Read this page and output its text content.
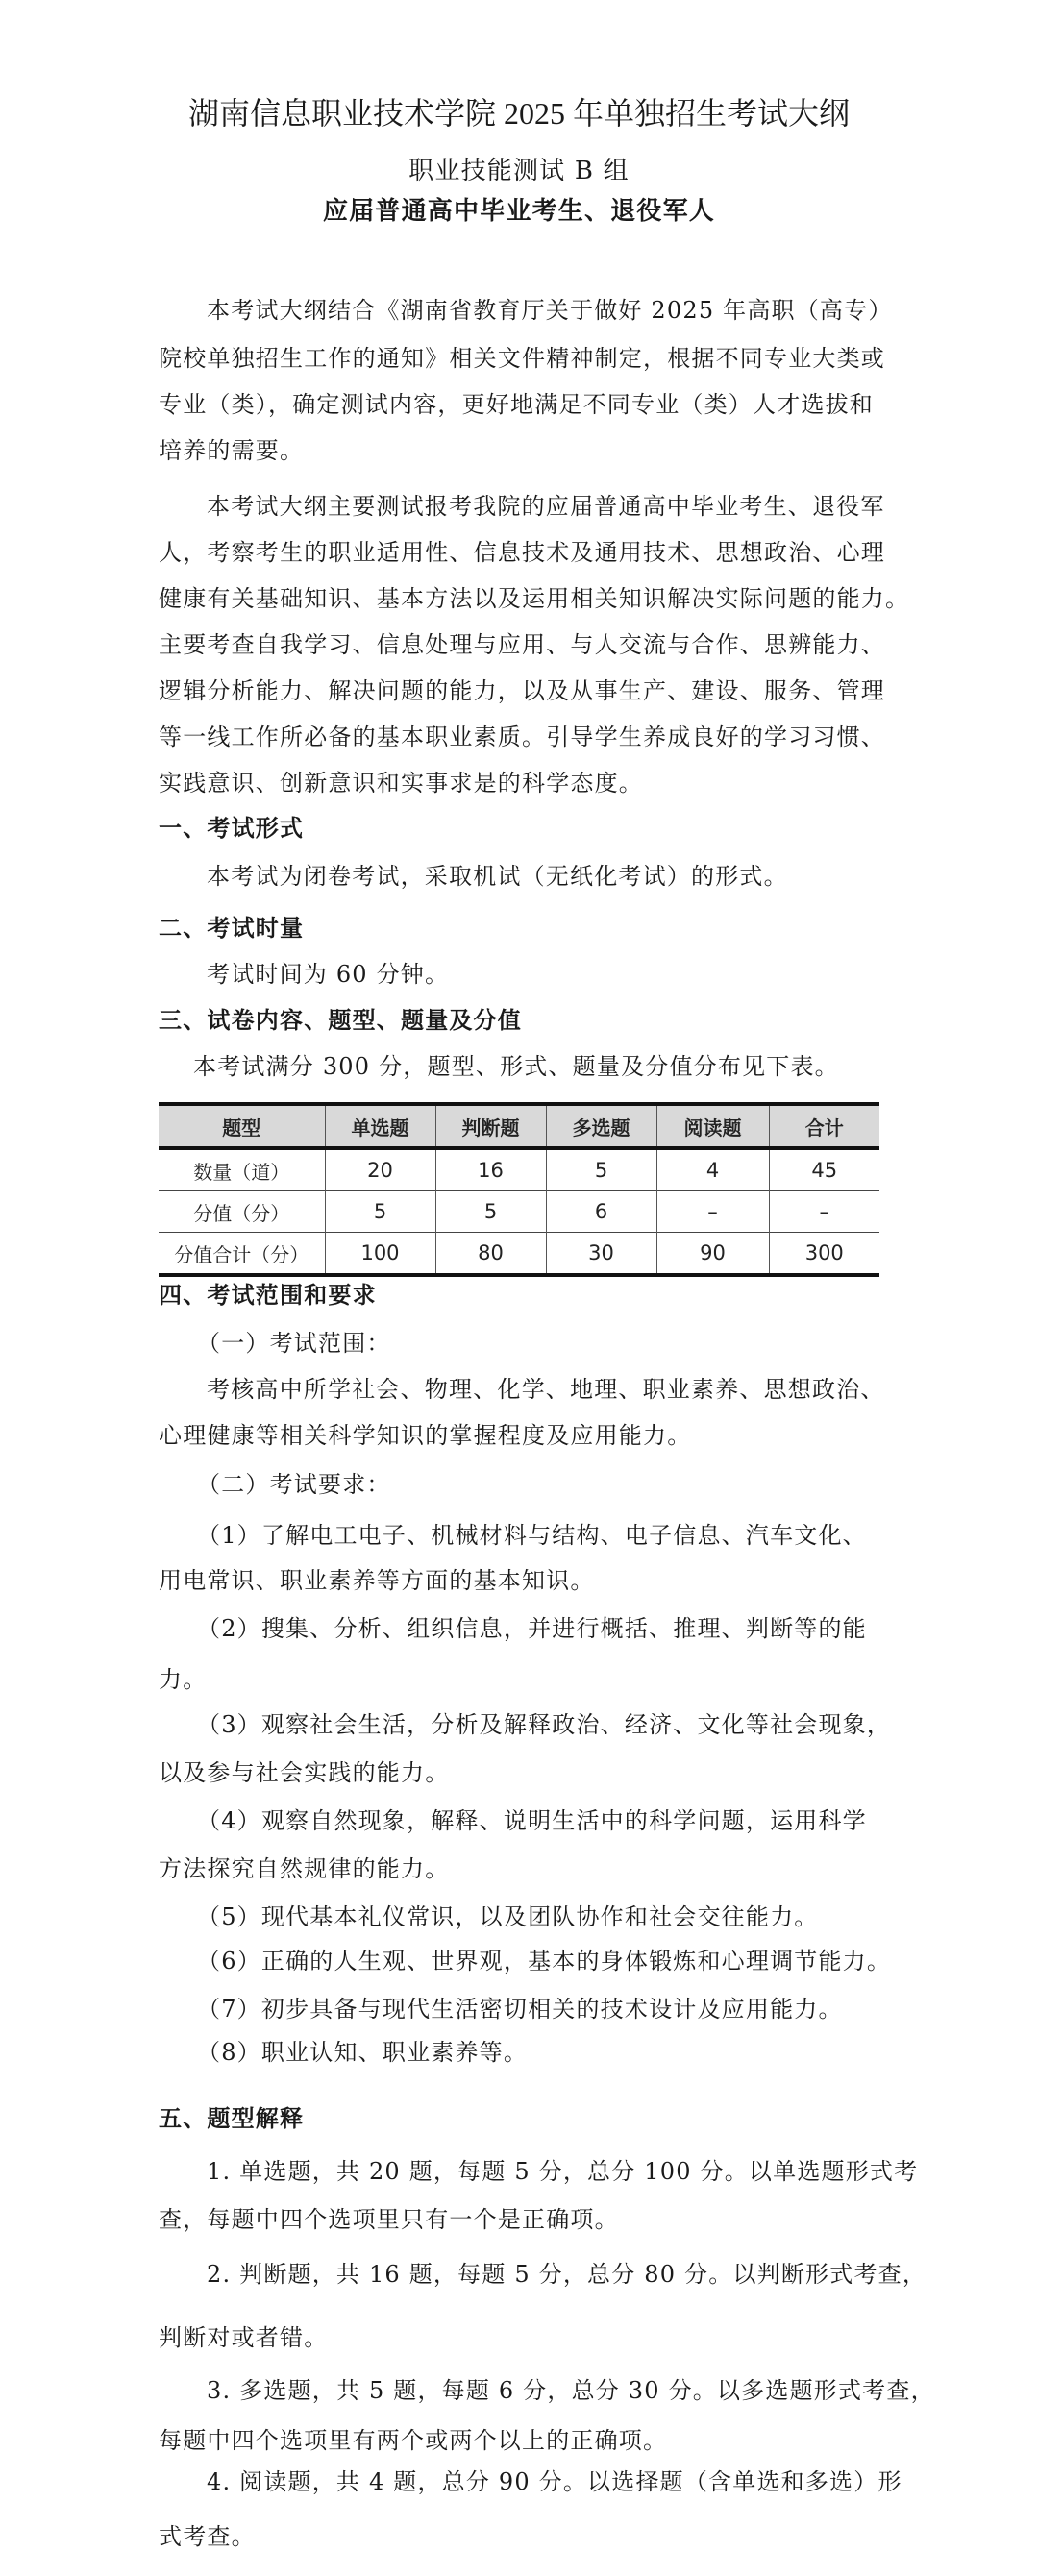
湖南信息职业技术学院 2025 年单独招生考试大纲
职业技能测试 B 组
应届普通高中毕业考生、退役军人
本考试大纲结合《湖南省教育厅关于做好 2025 年高职（高专）
院校单独招生工作的通知》相关文件精神制定，根据不同专业大类或
专业（类），确定测试内容，更好地满足不同专业（类）人才选拔和
培养的需要。
本考试大纲主要测试报考我院的应届普通高中毕业考生、退役军
人，考察考生的职业适用性、信息技术及通用技术、思想政治、心理
健康有关基础知识、基本方法以及运用相关知识解决实际问题的能力。
主要考查自我学习、信息处理与应用、与人交流与合作、思辨能力、
逻辑分析能力、解决问题的能力，以及从事生产、建设、服务、管理
等一线工作所必备的基本职业素质。引导学生养成良好的学习习惯、
实践意识、创新意识和实事求是的科学态度。
一、考试形式
本考试为闭卷考试，采取机试（无纸化考试）的形式。
二、考试时量
考试时间为 60 分钟。
三、试卷内容、题型、题量及分值
本考试满分 300 分，题型、形式、题量及分值分布见下表。
题型	单选题	判断题	多选题	阅读题	合计
数量（道）	20	16	5	4	45
分值（分）	5	5	6	–	–
分值合计（分）	100	80	30	90	300
四、考试范围和要求
（一）考试范围：
考核高中所学社会、物理、化学、地理、职业素养、思想政治、
心理健康等相关科学知识的掌握程度及应用能力。
（二）考试要求：
（1）了解电工电子、机械材料与结构、电子信息、汽车文化、
用电常识、职业素养等方面的基本知识。
（2）搜集、分析、组织信息，并进行概括、推理、判断等的能
力。
（3）观察社会生活，分析及解释政治、经济、文化等社会现象，
以及参与社会实践的能力。
（4）观察自然现象，解释、说明生活中的科学问题，运用科学
方法探究自然规律的能力。
（5）现代基本礼仪常识，以及团队协作和社会交往能力。
（6）正确的人生观、世界观，基本的身体锻炼和心理调节能力。
（7）初步具备与现代生活密切相关的技术设计及应用能力。
（8）职业认知、职业素养等。
五、题型解释
1. 单选题，共 20 题，每题 5 分，总分 100 分。以单选题形式考
查，每题中四个选项里只有一个是正确项。
2. 判断题，共 16 题，每题 5 分，总分 80 分。以判断形式考查，
判断对或者错。
3. 多选题，共 5 题，每题 6 分，总分 30 分。以多选题形式考查，
每题中四个选项里有两个或两个以上的正确项。
4. 阅读题，共 4 题，总分 90 分。以选择题（含单选和多选）形
式考查。
